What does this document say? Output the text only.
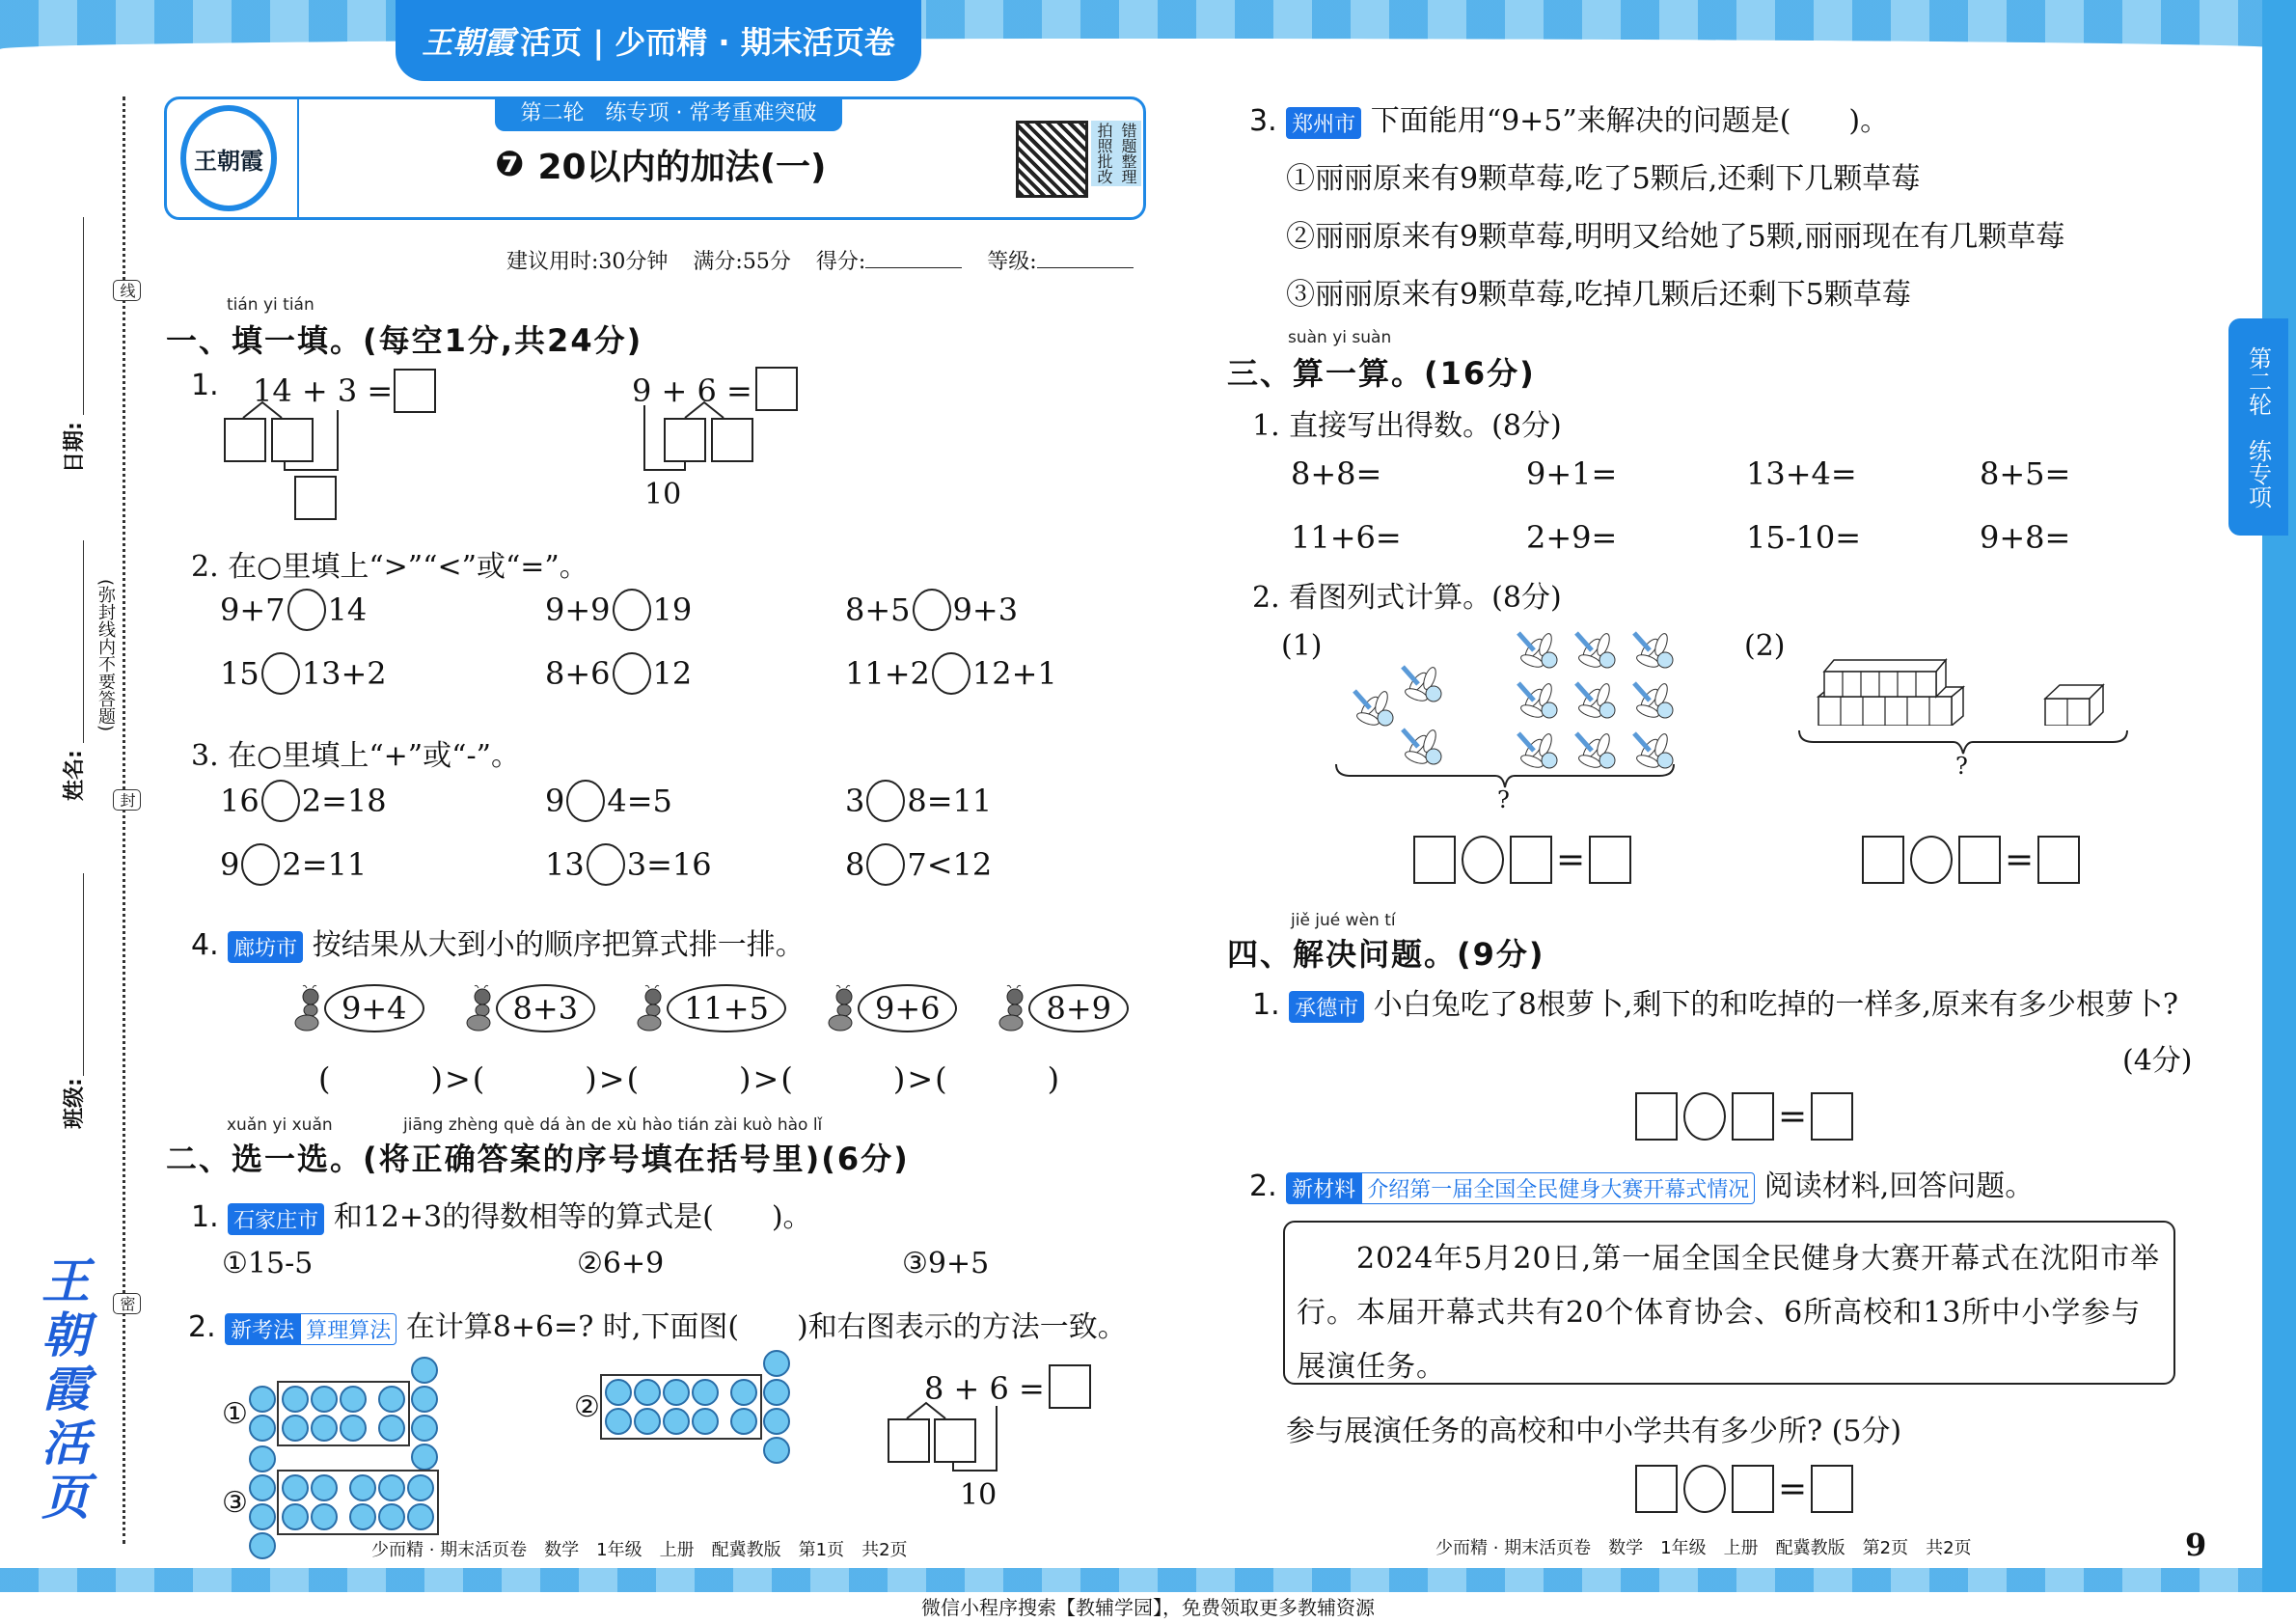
微信小程序搜索【教辅学园】，免费领取更多教辅资源
王朝霞 活页 | 少而精 · 期末活页卷
王朝霞
第二轮　练专项 · 常考重难突破
❼ 20以内的加法(一)	拍照批改 错题整理
建议用时:30分钟 满分:55分 得分:	等级:
线
封
密
(弥封线内不要答题)
日期:
姓名:
班级:
王朝霞活页
tián yi tián
一、填一填。(每空1分,共24分)
1. 14 + 3 =	9 + 6 =
10
2. 在○里填上“>”“<”或“=”。
9+7 14	9+9 19	8+5 9+3
15 13+2	8+6 12	11+2 12+1
3. 在○里填上“+”或“-”。
16 2=18	9 4=5	3 8=11
9 2=11	13 3=16	8 7<12
4. 廊坊市 按结果从大到小的顺序把算式排一排。
9+4	8+3	11+5	9+6	8+9
(　　　)>(　　　)>(　　　)>(　　　)>(　　　)
xuǎn yi xuǎn	jiāng zhèng què dá àn de xù hào tián zài kuò hào lǐ
二、选一选。(将正确答案的序号填在括号里)(6分)
1. 石家庄市 和12+3的得数相等的算式是(　　)。
①15-5	②6+9	③9+5
2. 新考法 算理算法 在计算8+6=? 时,下面图(　　)和右图表示的方法一致。
①	②
③
8 + 6 =
10
少而精 · 期末活页卷　数学　1年级　上册　配冀教版　第1页　共2页
3. 郑州市 下面能用“9+5”来解决的问题是(　　)。
①丽丽原来有9颗草莓,吃了5颗后,还剩下几颗草莓
②丽丽原来有9颗草莓,明明又给她了5颗,丽丽现在有几颗草莓
③丽丽原来有9颗草莓,吃掉几颗后还剩下5颗草莓
suàn yi suàn
三、算一算。(16分)
1. 直接写出得数。(8分)
8+8=	9+1=	13+4=	8+5=
11+6=	2+9=	15-10=	9+8=
2. 看图列式计算。(8分)
(1)
?
=
(2)
?
=
jiě jué wèn tí
四、解决问题。(9分)
1. 承德市 小白兔吃了8根萝卜,剩下的和吃掉的一样多,原来有多少根萝卜?
(4分)
=
2. 新材料 介绍第一届全国全民健身大赛开幕式情况 阅读材料,回答问题。
　　2024年5月20日,第一届全国全民健身大赛开幕式在沈阳市举行。本届开幕式共有20个体育协会、6所高校和13所中小学参与展演任务。
参与展演任务的高校和中小学共有多少所? (5分)
=
少而精 · 期末活页卷　数学　1年级　上册　配冀教版　第2页　共2页	9
第二轮　练专项
